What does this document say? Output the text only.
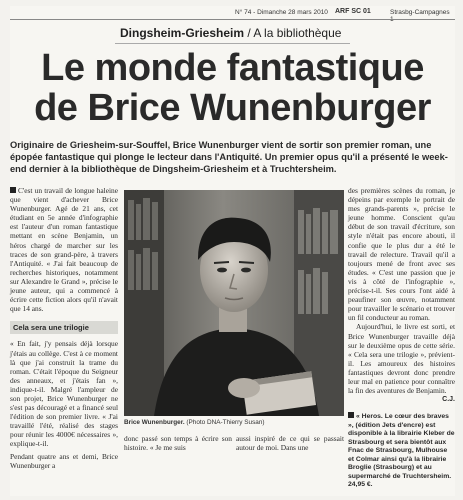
N° 74 - Dimanche 28 mars 2010 ARF SC 01	Strasbg-Campagnes
Dingsheim-Griesheim / A la bibliothèque
Le monde fantastique
de Brice Wunenburger

Originaire de Griesheim-sur-Souffel, Brice Wunenburger vient de sortir son premier roman, une épopée fantastique qui plonge le lecteur dans l'Antiquité. Un premier opus qu'il a présenté le week-end dernier à la bibliothèque de Dingsheim-Griesheim et à Truchtersheim.

C'est un travail de longue haleine que vient d'achever Brice Wunenburger. Agé de 21 ans, cet étudiant en 5e année d'infographie est l'auteur d'un roman fantastique mettant en scène Benjamin, un héros chargé de marcher sur les traces de son grand-père, à travers l'Antiquité. « J'ai fait beaucoup de recherches historiques, notamment sur Alexandre le Grand », précise le jeune auteur, qui a commencé à écrire cette fiction alors qu'il n'avait que 14 ans.

Cela sera une trilogie

« En fait, j'y pensais déjà lorsque j'étais au collège. C'est à ce moment là que j'ai construit la trame du roman. C'était l'époque du Seigneur des anneaux, et j'étais fan », indique-t-il. Malgré l'ampleur de son projet, Brice Wunenburger ne s'est pas découragé et a financé seul l'édition de son premier livre. « J'ai travaillé l'été, réalisé des stages pour réunir les 4000€ nécessaires », explique-t-il.

Pendant quatre ans et demi, Brice Wunenburger a

Brice Wunenburger. (Photo DNA-Thierry Susan)

donc passé son temps à écrire son histoire. « Je me suis

aussi inspiré de ce qui se passait autour de moi. Dans une

des premières scènes du roman, je dépeins par exemple le portrait de mes grands-parents », précise le jeune homme. Conscient qu'au début de son travail d'écriture, son style n'était pas encore abouti, il confie que le plus dur a été le travail de relecture. Travail qu'il a toujours mené de front avec ses études. « C'est une passion que je vis à côté de l'infographie », précise-t-il. Ses cours l'ont aidé à peaufiner son œuvre, notamment pour travailler le scénario et trouver un fil conducteur au roman.

Aujourd'hui, le livre est sorti, et Brice Wunenburger travaille déjà sur le deuxième opus de cette série. « Cela sera une trilogie », prévient-il. Les amoureux des histoires fantastiques devront donc prendre leur mal en patience pour connaître la fin des aventures de Benjamin.

C.J.

« Heros. Le cœur des braves », (édition Jets d'encre) est disponible à la librairie Kleber de Strasbourg et sera bientôt aux Fnac de Strasbourg, Mulhouse et Colmar ainsi qu'à la librairie Broglie (Strasbourg) et au supermarché de Truchtersheim. 24,95 €.
